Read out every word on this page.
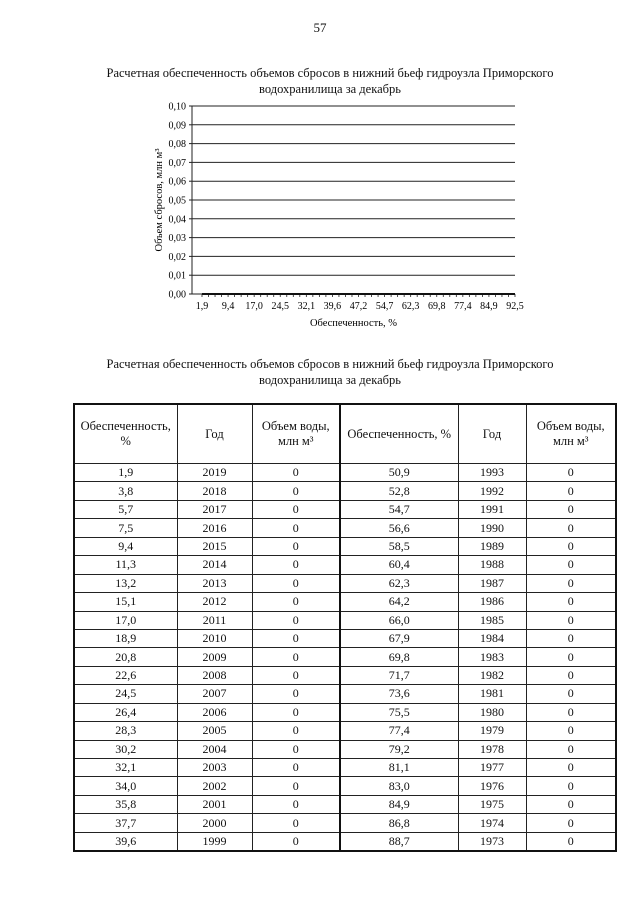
57
Расчетная обеспеченность объемов сбросов в нижний бьеф гидроузла Приморского водохранилища за декабрь
0,00
0,01
0,02
0,03
0,04
0,05
0,06
0,07
0,08
0,09
0,10
1,9 9,4 17,0 24,5 32,1 39,6 47,2 54,7 62,3 69,8 77,4 84,9 92,5
Обеспеченность, %
Объем сбросов, млн м³
Расчетная обеспеченность объемов сбросов в нижний бьеф гидроузла Приморского водохранилища за декабрь
Обеспеченность, %	Год	Объем воды, млн м³	Обеспеченность, %	Год	Объем воды, млн м³
1,9	2019	0	50,9	1993	0
3,8	2018	0	52,8	1992	0
5,7	2017	0	54,7	1991	0
7,5	2016	0	56,6	1990	0
9,4	2015	0	58,5	1989	0
11,3	2014	0	60,4	1988	0
13,2	2013	0	62,3	1987	0
15,1	2012	0	64,2	1986	0
17,0	2011	0	66,0	1985	0
18,9	2010	0	67,9	1984	0
20,8	2009	0	69,8	1983	0
22,6	2008	0	71,7	1982	0
24,5	2007	0	73,6	1981	0
26,4	2006	0	75,5	1980	0
28,3	2005	0	77,4	1979	0
30,2	2004	0	79,2	1978	0
32,1	2003	0	81,1	1977	0
34,0	2002	0	83,0	1976	0
35,8	2001	0	84,9	1975	0
37,7	2000	0	86,8	1974	0
39,6	1999	0	88,7	1973	0
